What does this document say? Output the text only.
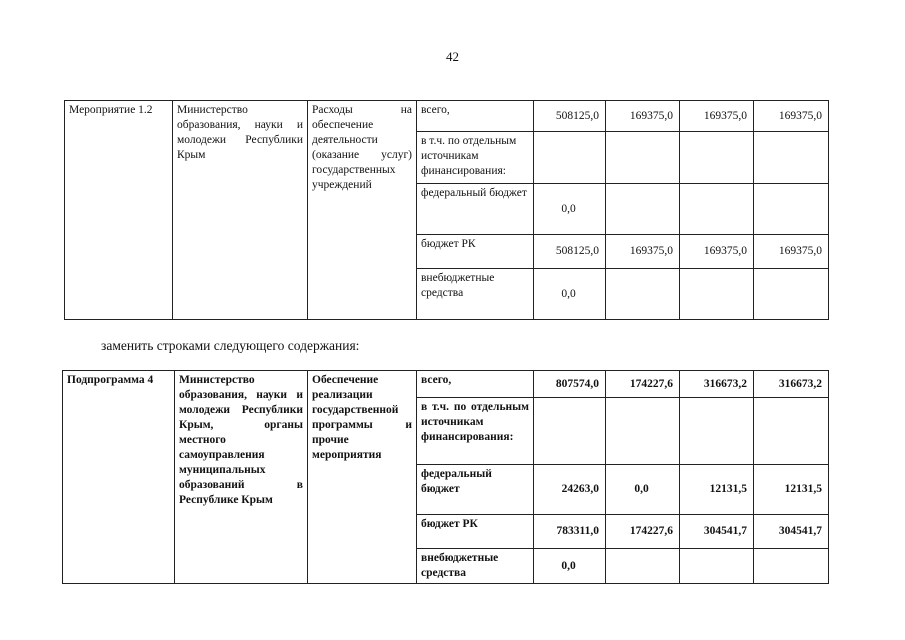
42
Мероприятие 1.2	Министерство образования, науки и молодежи Республики Крым	Расходы на обеспечение деятельности (оказание услуг) государственных учреждений	всего,	508125,0	169375,0	169375,0	169375,0
			в т.ч. по отдельным источникам финансирования:				
			федеральный бюджет	0,0			
			бюджет РК	508125,0	169375,0	169375,0	169375,0
			внебюджетные средства	0,0			
заменить строками следующего содержания:
Подпрограмма 4	Министерство образования, науки и молодежи Республики Крым, органы местного самоуправления муниципальных образований в Республике Крым	Обеспечение реализации государственной программы и прочие мероприятия	всего,	807574,0	174227,6	316673,2	316673,2
			в т.ч. по отдельным источникам финансирования:				
			федеральный бюджет	24263,0	0,0	12131,5	12131,5
			бюджет РК	783311,0	174227,6	304541,7	304541,7
			внебюджетные средства	0,0			
